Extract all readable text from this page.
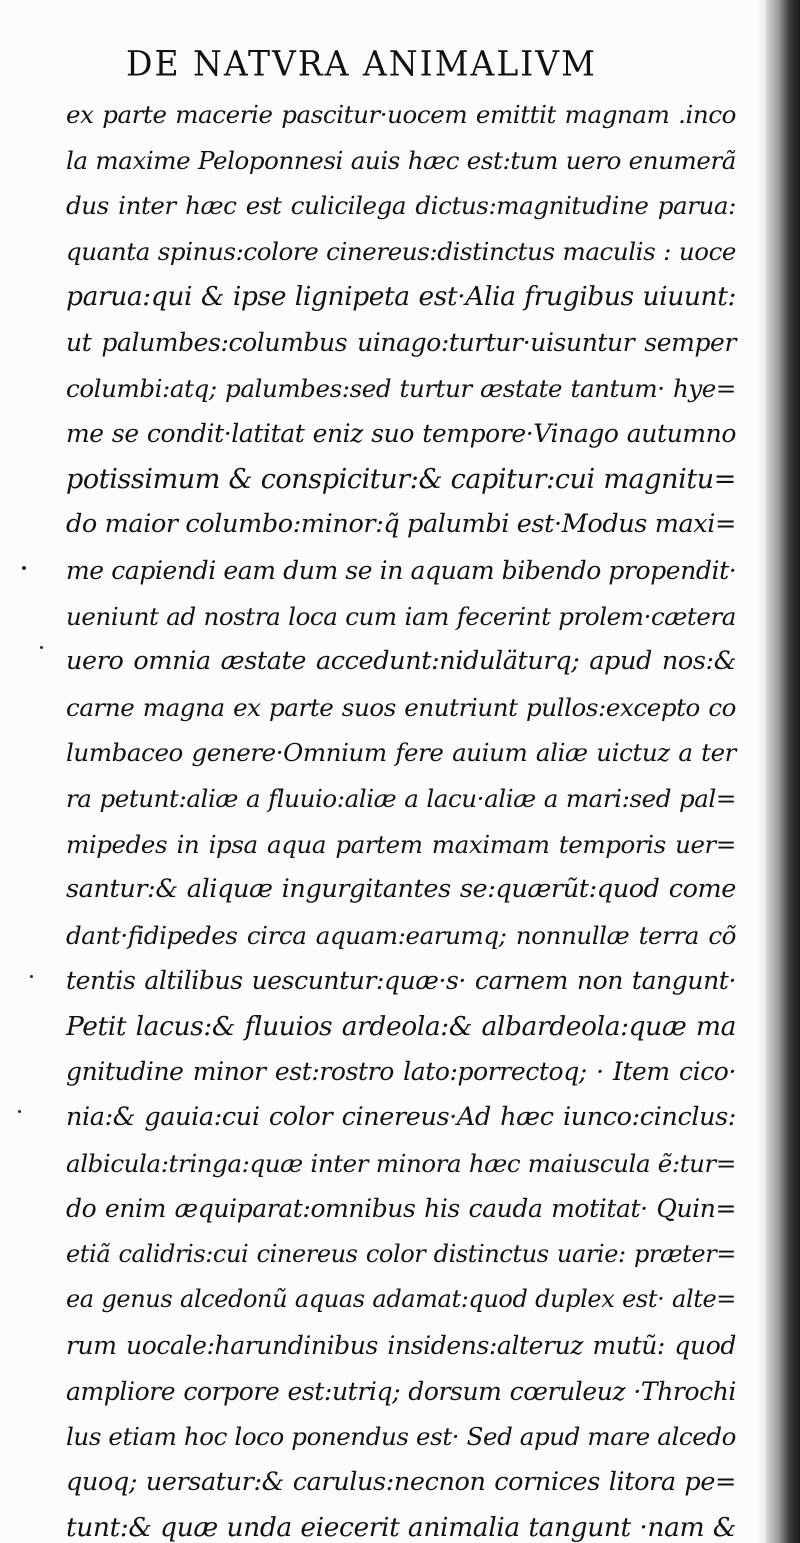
DE NATVRA ANIMALIVM
ex parte macerie pascitur·uocem emittit magnam .inco
la maxime Peloponnesi auis hæc est:tum uero enumerã
dus inter hæc est culicilega dictus:magnitudine parua:
quanta spinus:colore cinereus:distinctus maculis : uoce
parua:qui & ipse lignipeta est·Alia frugibus uiuunt:
ut palumbes:columbus uinago:turtur·uisuntur semper
columbi:atq; palumbes:sed turtur æstate tantum· hye=
me se condit·latitat eniz suo tempore·Vinago autumno
potissimum & conspicitur:& capitur:cui magnitu=
do maior columbo:minor:q̃ palumbi est·Modus maxi=
me capiendi eam dum se in aquam bibendo propendit·
ueniunt ad nostra loca cum iam fecerint prolem·cætera
uero omnia æstate accedunt:niduläturq; apud nos:&
carne magna ex parte suos enutriunt pullos:excepto co
lumbaceo genere·Omnium fere auium aliæ uictuz a ter
ra petunt:aliæ a fluuio:aliæ a lacu·aliæ a mari:sed pal=
mipedes in ipsa aqua partem maximam temporis uer=
santur:& aliquæ ingurgitantes se:quærũt:quod come
dant·fidipedes circa aquam:earumq; nonnullæ terra cõ
tentis altilibus uescuntur:quæ·s· carnem non tangunt·
Petit lacus:& fluuios ardeola:& albardeola:quæ ma
gnitudine minor est:rostro lato:porrectoq; · Item cico·
nia:& gauia:cui color cinereus·Ad hæc iunco:cinclus:
albicula:tringa:quæ inter minora hæc maiuscula ẽ:tur=
do enim æquiparat:omnibus his cauda motitat· Quin=
etiã calidris:cui cinereus color distinctus uarie: præter=
ea genus alcedonũ aquas adamat:quod duplex est· alte=
rum uocale:harundinibus insidens:alteruz mutũ: quod
ampliore corpore est:utriq; dorsum cœruleuz ·Throchi
lus etiam hoc loco ponendus est· Sed apud mare alcedo
quoq; uersatur:& carulus:necnon cornices litora pe=
tunt:& quæ unda eiecerit animalia tangunt ·nam &
